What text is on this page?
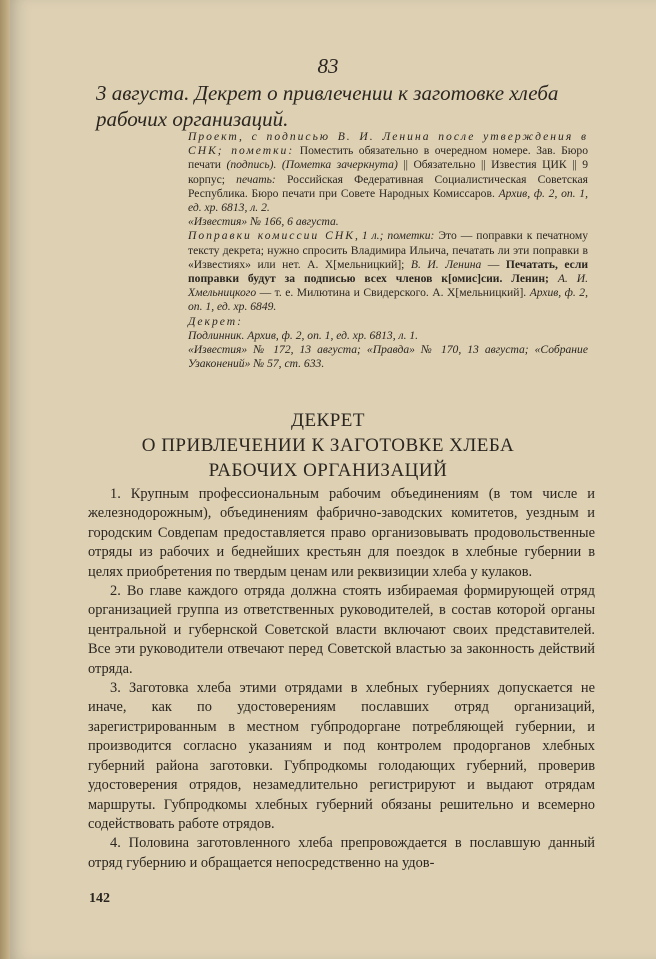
83
3 августа. Декрет о привлечении к заготовке хлеба рабочих организаций.

Проект, с подписью В. И. Ленина после утверждения в СНК; пометки: Поместить обязательно в очередном номере. Зав. Бюро печати (подпись). (Пометка зачеркнута) || Обязательно || Известия ЦИК || 9 корпус; печать: Российская Федеративная Социалистическая Советская Республика. Бюро печати при Совете Народных Комиссаров. Архив, ф. 2, оп. 1, ед. хр. 6813, л. 2.

«Известия» № 166, 6 августа.

Поправки комиссии СНК, 1 л.; пометки: Это — поправки к печатному тексту декрета; нужно спросить Владимира Ильича, печатать ли эти поправки в «Известиях» или нет. А. Х[мельницкий]; В. И. Ленина — Печатать, если поправки будут за подписью всех членов к[омис]сии. Ленин; А. И. Хмельницкого — т. е. Милютина и Свидерского. А. Х[мельницкий]. Архив, ф. 2, оп. 1, ед. хр. 6849.

Декрет:

Подлинник. Архив, ф. 2, оп. 1, ед. хр. 6813, л. 1.

«Известия» № 172, 13 августа; «Правда» № 170, 13 августа; «Собрание Узаконений» № 57, ст. 633.

ДЕКРЕТ
О ПРИВЛЕЧЕНИИ К ЗАГОТОВКЕ ХЛЕБА
РАБОЧИХ ОРГАНИЗАЦИЙ

1. Крупным профессиональным рабочим объединениям (в том числе и железнодорожным), объединениям фабрично-заводских комитетов, уездным и городским Совдепам предоставляется право организовывать продовольственные отряды из рабочих и беднейших крестьян для поездок в хлебные губернии в целях приобретения по твердым ценам или реквизиции хлеба у кулаков.

2. Во главе каждого отряда должна стоять избираемая формирующей отряд организацией группа из ответственных руководителей, в состав которой органы центральной и губернской Советской власти включают своих представителей. Все эти руководители отвечают перед Советской властью за законность действий отряда.

3. Заготовка хлеба этими отрядами в хлебных губерниях допускается не иначе, как по удостоверениям пославших отряд организаций, зарегистрированным в местном губпродоргане потребляющей губернии, и производится согласно указаниям и под контролем продорганов хлебных губерний района заготовки. Губпродкомы голодающих губерний, проверив удостоверения отрядов, незамедлительно регистрируют и выдают отрядам маршруты. Губпродкомы хлебных губерний обязаны решительно и всемерно содействовать работе отрядов.

4. Половина заготовленного хлеба препровождается в пославшую данный отряд губернию и обращается непосредственно на удов-

142
